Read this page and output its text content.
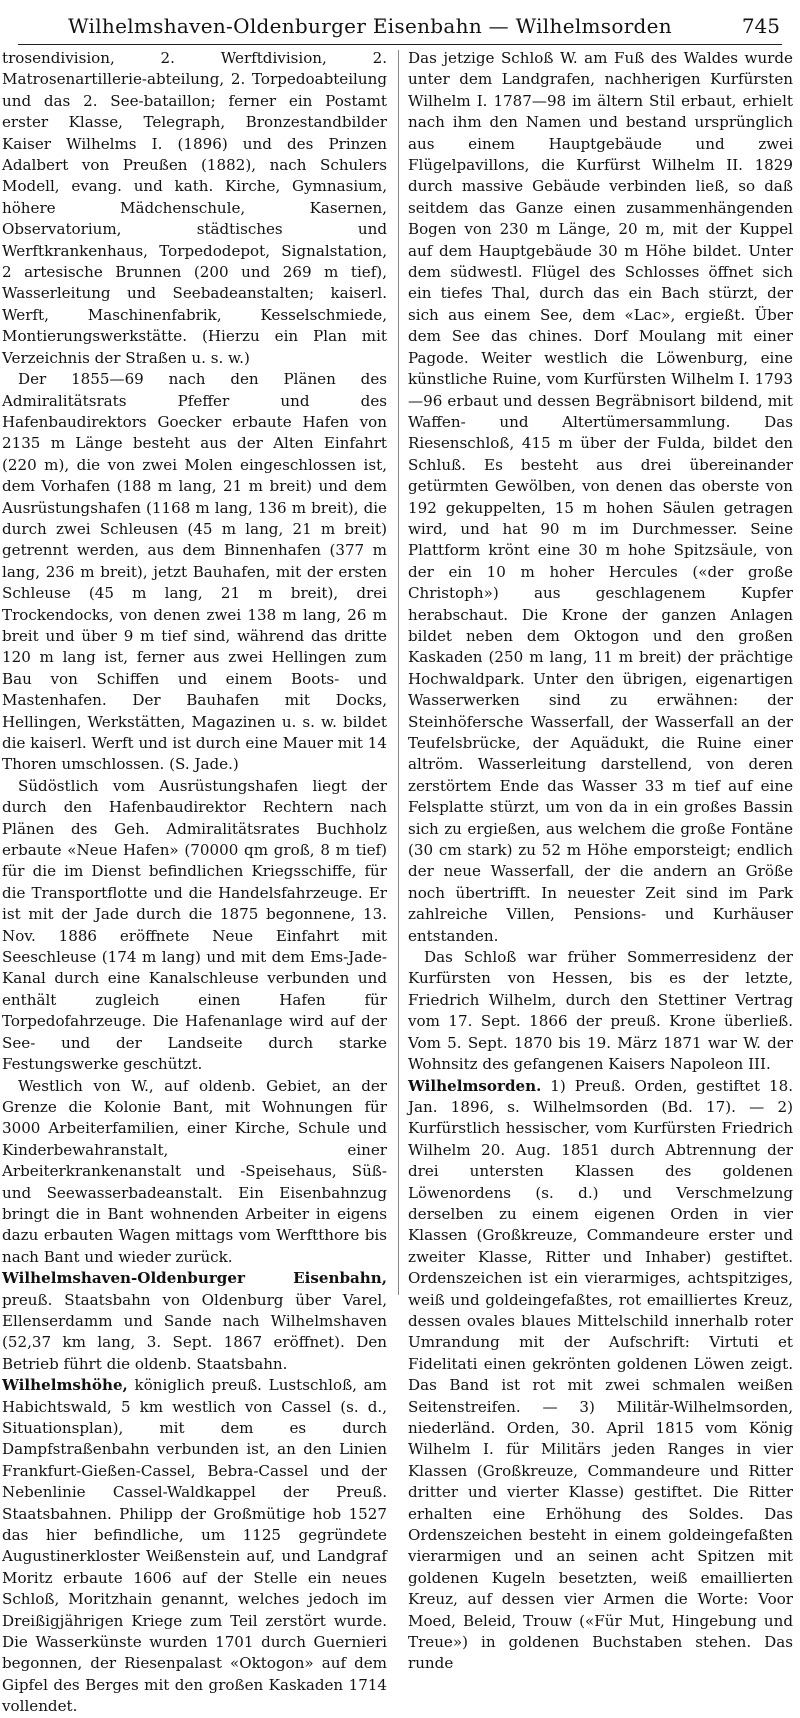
Wilhelmshaven-Oldenburger Eisenbahn — Wilhelmsorden	745

trosendivision, 2. Werftdivision, 2. Matrosenartillerie-abteilung, 2. Torpedoabteilung und das 2. See-bataillon; ferner ein Postamt erster Klasse, Telegraph, Bronzestandbilder Kaiser Wilhelms I. (1896) und des Prinzen Adalbert von Preußen (1882), nach Schulers Modell, evang. und kath. Kirche, Gymnasium, höhere Mädchenschule, Kasernen, Observatorium, städtisches und Werftkrankenhaus, Torpedodepot, Signalstation, 2 artesische Brunnen (200 und 269 m tief), Wasserleitung und Seebadeanstalten; kaiserl. Werft, Maschinenfabrik, Kesselschmiede, Montierungswerkstätte. (Hierzu ein Plan mit Verzeichnis der Straßen u. s. w.)

Der 1855—69 nach den Plänen des Admiralitätsrats Pfeffer und des Hafenbaudirektors Goecker erbaute Hafen von 2135 m Länge besteht aus der Alten Einfahrt (220 m), die von zwei Molen eingeschlossen ist, dem Vorhafen (188 m lang, 21 m breit) und dem Ausrüstungshafen (1168 m lang, 136 m breit), die durch zwei Schleusen (45 m lang, 21 m breit) getrennt werden, aus dem Binnenhafen (377 m lang, 236 m breit), jetzt Bauhafen, mit der ersten Schleuse (45 m lang, 21 m breit), drei Trockendocks, von denen zwei 138 m lang, 26 m breit und über 9 m tief sind, während das dritte 120 m lang ist, ferner aus zwei Hellingen zum Bau von Schiffen und einem Boots- und Mastenhafen. Der Bauhafen mit Docks, Hellingen, Werkstätten, Magazinen u. s. w. bildet die kaiserl. Werft und ist durch eine Mauer mit 14 Thoren umschlossen. (S. Jade.)

Südöstlich vom Ausrüstungshafen liegt der durch den Hafenbaudirektor Rechtern nach Plänen des Geh. Admiralitätsrates Buchholz erbaute «Neue Hafen» (70000 qm groß, 8 m tief) für die im Dienst befindlichen Kriegsschiffe, für die Transportflotte und die Handelsfahrzeuge. Er ist mit der Jade durch die 1875 begonnene, 13. Nov. 1886 eröffnete Neue Einfahrt mit Seeschleuse (174 m lang) und mit dem Ems-Jade-Kanal durch eine Kanalschleuse verbunden und enthält zugleich einen Hafen für Torpedofahrzeuge. Die Hafenanlage wird auf der See- und der Landseite durch starke Festungswerke geschützt.

Westlich von W., auf oldenb. Gebiet, an der Grenze die Kolonie Bant, mit Wohnungen für 3000 Arbeiterfamilien, einer Kirche, Schule und Kinderbewahranstalt, einer Arbeiterkrankenanstalt und -Speisehaus, Süß- und Seewasserbadeanstalt. Ein Eisenbahnzug bringt die in Bant wohnenden Arbeiter in eigens dazu erbauten Wagen mittags vom Werftthore bis nach Bant und wieder zurück.

Wilhelmshaven-Oldenburger Eisenbahn, preuß. Staatsbahn von Oldenburg über Varel, Ellenserdamm und Sande nach Wilhelmshaven (52,37 km lang, 3. Sept. 1867 eröffnet). Den Betrieb führt die oldenb. Staatsbahn.

Wilhelmshöhe, königlich preuß. Lustschloß, am Habichtswald, 5 km westlich von Cassel (s. d., Situationsplan), mit dem es durch Dampfstraßenbahn verbunden ist, an den Linien Frankfurt-Gießen-Cassel, Bebra-Cassel und der Nebenlinie Cassel-Waldkappel der Preuß. Staatsbahnen. Philipp der Großmütige hob 1527 das hier befindliche, um 1125 gegründete Augustinerkloster Weißenstein auf, und Landgraf Moritz erbaute 1606 auf der Stelle ein neues Schloß, Moritzhain genannt, welches jedoch im Dreißigjährigen Kriege zum Teil zerstört wurde. Die Wasserkünste wurden 1701 durch Guernieri begonnen, der Riesenpalast «Oktogon» auf dem Gipfel des Berges mit den großen Kaskaden 1714 vollendet.

Das jetzige Schloß W. am Fuß des Waldes wurde unter dem Landgrafen, nachherigen Kurfürsten Wilhelm I. 1787—98 im ältern Stil erbaut, erhielt nach ihm den Namen und bestand ursprünglich aus einem Hauptgebäude und zwei Flügelpavillons, die Kurfürst Wilhelm II. 1829 durch massive Gebäude verbinden ließ, so daß seitdem das Ganze einen zusammenhängenden Bogen von 230 m Länge, 20 m, mit der Kuppel auf dem Hauptgebäude 30 m Höhe bildet. Unter dem südwestl. Flügel des Schlosses öffnet sich ein tiefes Thal, durch das ein Bach stürzt, der sich aus einem See, dem «Lac», ergießt. Über dem See das chines. Dorf Moulang mit einer Pagode. Weiter westlich die Löwenburg, eine künstliche Ruine, vom Kurfürsten Wilhelm I. 1793—96 erbaut und dessen Begräbnisort bildend, mit Waffen- und Altertümersammlung. Das Riesenschloß, 415 m über der Fulda, bildet den Schluß. Es besteht aus drei übereinander getürmten Gewölben, von denen das oberste von 192 gekuppelten, 15 m hohen Säulen getragen wird, und hat 90 m im Durchmesser. Seine Plattform krönt eine 30 m hohe Spitzsäule, von der ein 10 m hoher Hercules («der große Christoph») aus geschlagenem Kupfer herabschaut. Die Krone der ganzen Anlagen bildet neben dem Oktogon und den großen Kaskaden (250 m lang, 11 m breit) der prächtige Hochwaldpark. Unter den übrigen, eigenartigen Wasserwerken sind zu erwähnen: der Steinhöfersche Wasserfall, der Wasserfall an der Teufelsbrücke, der Aquädukt, die Ruine einer altröm. Wasserleitung darstellend, von deren zerstörtem Ende das Wasser 33 m tief auf eine Felsplatte stürzt, um von da in ein großes Bassin sich zu ergießen, aus welchem die große Fontäne (30 cm stark) zu 52 m Höhe emporsteigt; endlich der neue Wasserfall, der die andern an Größe noch übertrifft. In neuester Zeit sind im Park zahlreiche Villen, Pensions- und Kurhäuser entstanden.

Das Schloß war früher Sommerresidenz der Kurfürsten von Hessen, bis es der letzte, Friedrich Wilhelm, durch den Stettiner Vertrag vom 17. Sept. 1866 der preuß. Krone überließ. Vom 5. Sept. 1870 bis 19. März 1871 war W. der Wohnsitz des gefangenen Kaisers Napoleon III.

Wilhelmsorden. 1) Preuß. Orden, gestiftet 18. Jan. 1896, s. Wilhelmsorden (Bd. 17). — 2) Kurfürstlich hessischer, vom Kurfürsten Friedrich Wilhelm 20. Aug. 1851 durch Abtrennung der drei untersten Klassen des goldenen Löwenordens (s. d.) und Verschmelzung derselben zu einem eigenen Orden in vier Klassen (Großkreuze, Commandeure erster und zweiter Klasse, Ritter und Inhaber) gestiftet. Ordenszeichen ist ein vierarmiges, achtspitziges, weiß und goldeingefaßtes, rot emailliertes Kreuz, dessen ovales blaues Mittelschild innerhalb roter Umrandung mit der Aufschrift: Virtuti et Fidelitati einen gekrönten goldenen Löwen zeigt. Das Band ist rot mit zwei schmalen weißen Seitenstreifen. — 3) Militär-Wilhelmsorden, niederländ. Orden, 30. April 1815 vom König Wilhelm I. für Militärs jeden Ranges in vier Klassen (Großkreuze, Commandeure und Ritter dritter und vierter Klasse) gestiftet. Die Ritter erhalten eine Erhöhung des Soldes. Das Ordenszeichen besteht in einem goldeingefaßten vierarmigen und an seinen acht Spitzen mit goldenen Kugeln besetzten, weiß emaillierten Kreuz, auf dessen vier Armen die Worte: Voor Moed, Beleid, Trouw («Für Mut, Hingebung und Treue») in goldenen Buchstaben stehen. Das runde
